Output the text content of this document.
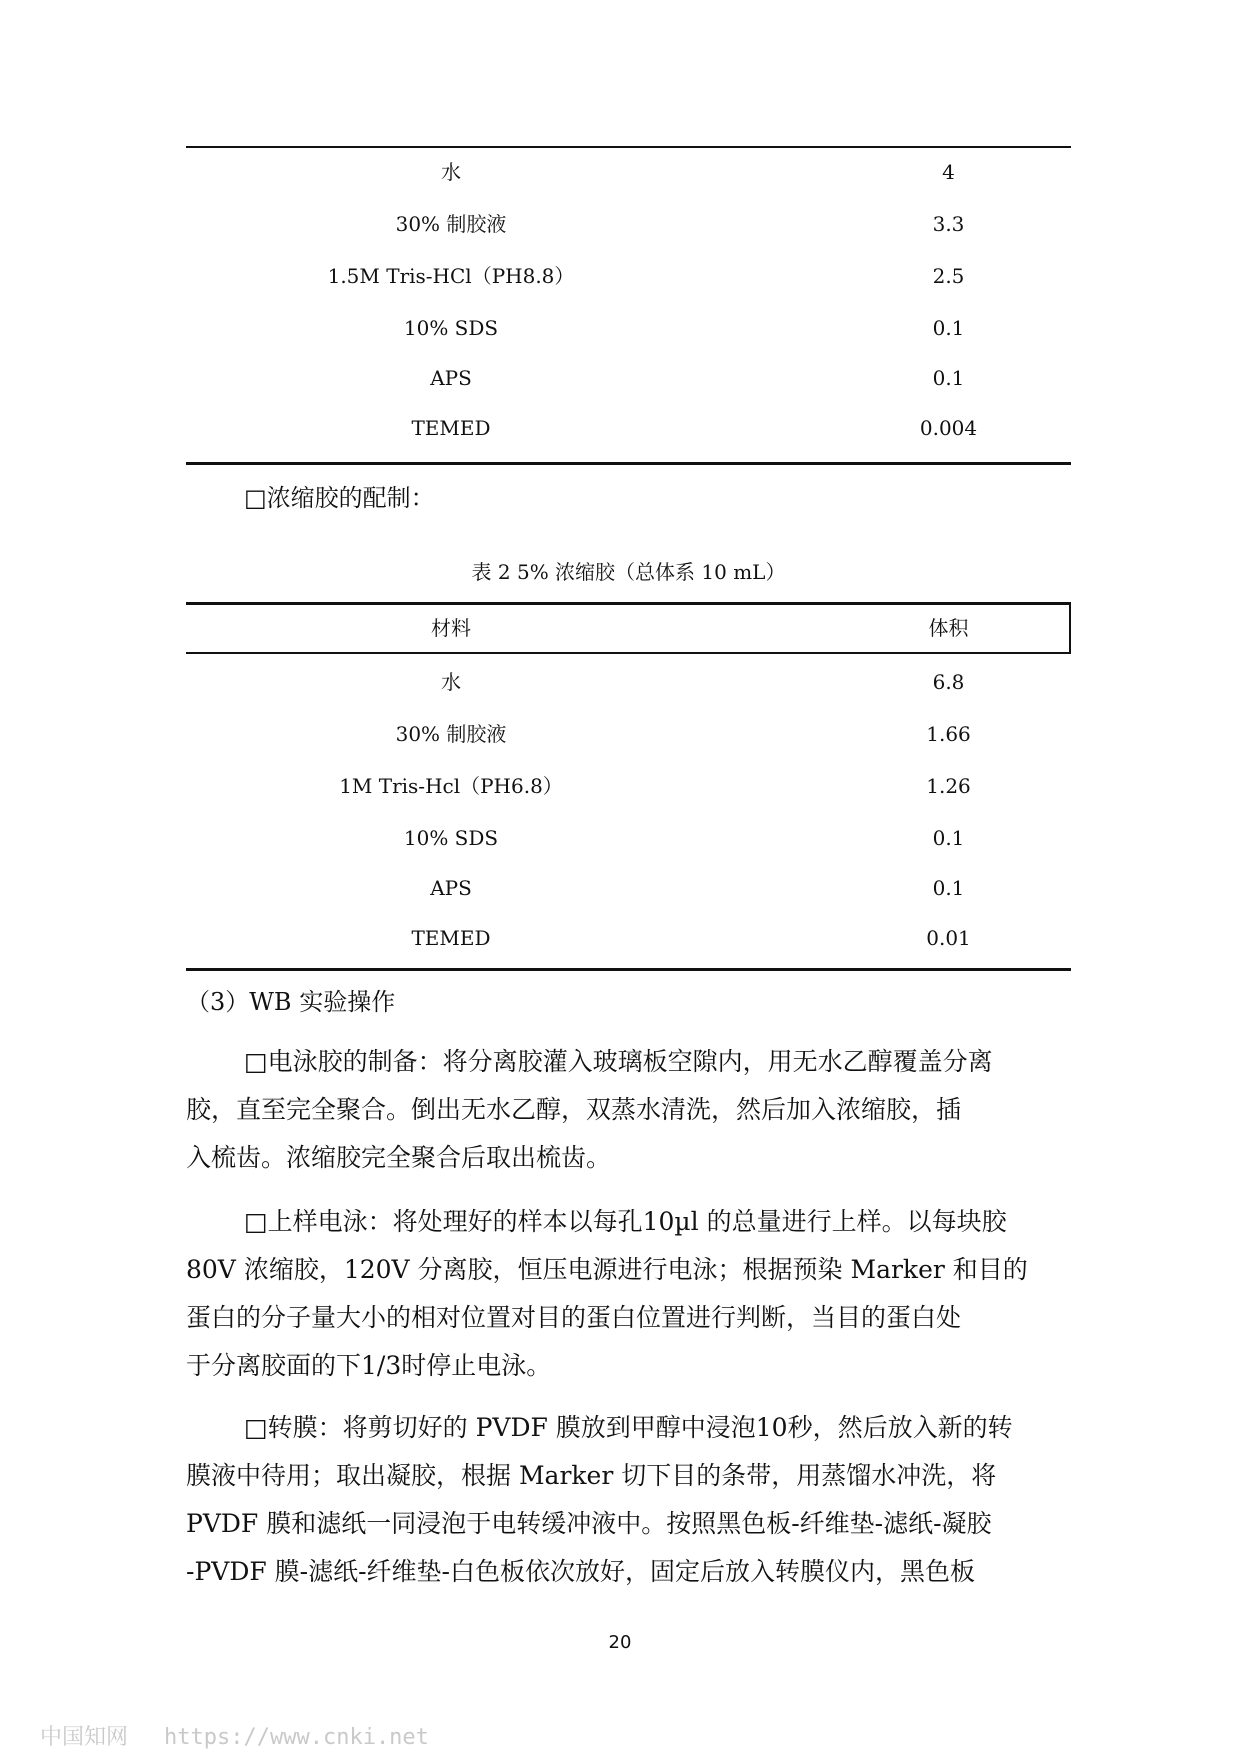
水	4
30% 制胶液	3.3
1.5M Tris-HCl（PH8.8）	2.5
10% SDS	0.1
APS	0.1
TEMED	0.004
□浓缩胶的配制：
表 2 5% 浓缩胶（总体系 10 mL）
材料	体积
水	6.8
30% 制胶液	1.66
1M Tris-Hcl（PH6.8）	1.26
10% SDS	0.1
APS	0.1
TEMED	0.01
（3）WB 实验操作
□电泳胶的制备：将分离胶灌入玻璃板空隙内，用无水乙醇覆盖分离
胶，直至完全聚合。倒出无水乙醇，双蒸水清洗，然后加入浓缩胶，插
入梳齿。浓缩胶完全聚合后取出梳齿。
□上样电泳：将处理好的样本以每孔10µl 的总量进行上样。以每块胶
80V 浓缩胶，120V 分离胶，恒压电源进行电泳；根据预染 Marker 和目的
蛋白的分子量大小的相对位置对目的蛋白位置进行判断，当目的蛋白处
于分离胶面的下1/3时停止电泳。
□转膜：将剪切好的 PVDF 膜放到甲醇中浸泡10秒，然后放入新的转
膜液中待用；取出凝胶，根据 Marker 切下目的条带，用蒸馏水冲洗，将
PVDF 膜和滤纸一同浸泡于电转缓冲液中。按照黑色板-纤维垫-滤纸-凝胶
-PVDF 膜-滤纸-纤维垫-白色板依次放好，固定后放入转膜仪内，黑色板
20
中国知网 https://www.cnki.net
